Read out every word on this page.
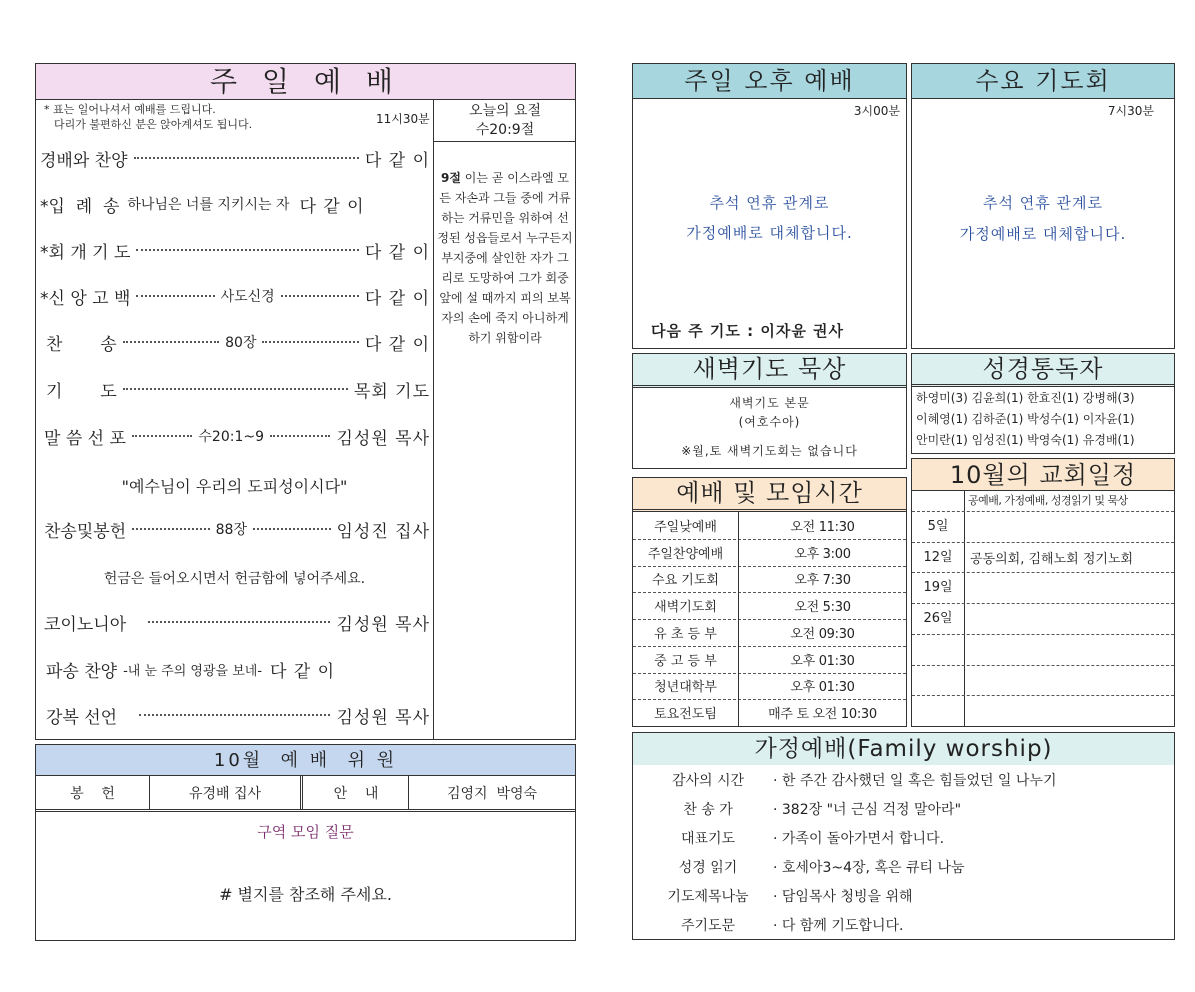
주 일 예 배
* 표는 일어나셔서 예배를 드립니다.
다리가 불편하신 분은 앉아계셔도 됩니다.	11시30분	오늘의 요절
수20:9절
9절 이는 곧 이스라엘 모든 자손과 그들 중에 거류하는 거류민을 위하여 선정된 성읍들로서 누구든지 부지중에 살인한 자가 그리로 도망하여 그가 회중 앞에 설 때까지 피의 보복자의 손에 죽지 아니하게 하기 위함이라
경배와 찬양	다 같 이
*입  례  송 하나님은 너를 지키시는 자 다 같 이
*회 개 기 도	다 같 이
*신 앙 고 백	사도신경	다 같 이
찬       송	80장	다 같 이
기       도	목회 기도
말 씀 선 포	수20:1~9	김성원 목사
"예수님이 우리의 도피성이시다"
찬송및봉헌	88장	임성진 집사
헌금은 들어오시면서 헌금함에 넣어주세요.
코이노니아	김성원 목사
파송 찬양 -내 눈 주의 영광을 보네- 다 같 이
강복 선언	김성원 목사
10월  예 배  위 원
봉    헌	유경배 집사	안    내	김영지  박영숙
구역 모임 질문
# 별지를 참조해 주세요.
주일 오후 예배
3시00분
추석 연휴 관계로
가정예배로 대체합니다.
다음 주 기도 : 이자윤 권사
수요 기도회
7시30분
추석 연휴 관계로
가정예배로 대체합니다.
새벽기도 묵상
새벽기도 본문
(여호수아)
※월,토 새벽기도회는 없습니다
성경통독자
하영미(3) 김윤희(1) 한효진(1) 강병해(3)
이혜영(1) 김하준(1) 박성수(1) 이자윤(1)
안미란(1) 임성진(1) 박영숙(1) 유경배(1)
예배 및 모임시간
주일낮예배	오전 11:30
주일찬양예배	오후 3:00
수요 기도회	오후 7:30
새벽기도회	오전 5:30
유 초 등 부	오전 09:30
중 고 등 부	오후 01:30
청년대학부	오후 01:30
토요전도팀	매주 토 오전 10:30
10월의 교회일정
공예배, 가정예배, 성경읽기 및 묵상
5일
12일	공동의회, 김해노회 정기노회
19일
26일
가정예배(Family worship)
감사의 시간	· 한 주간 감사했던 일 혹은 힘들었던 일 나누기
찬 송 가	· 382장 "너 근심 걱정 말아라"
대표기도	· 가족이 돌아가면서 합니다.
성경 읽기	· 호세아3~4장, 혹은 큐티 나눔
기도제목나눔	· 담임목사 청빙을 위해
주기도문	· 다 함께 기도합니다.
